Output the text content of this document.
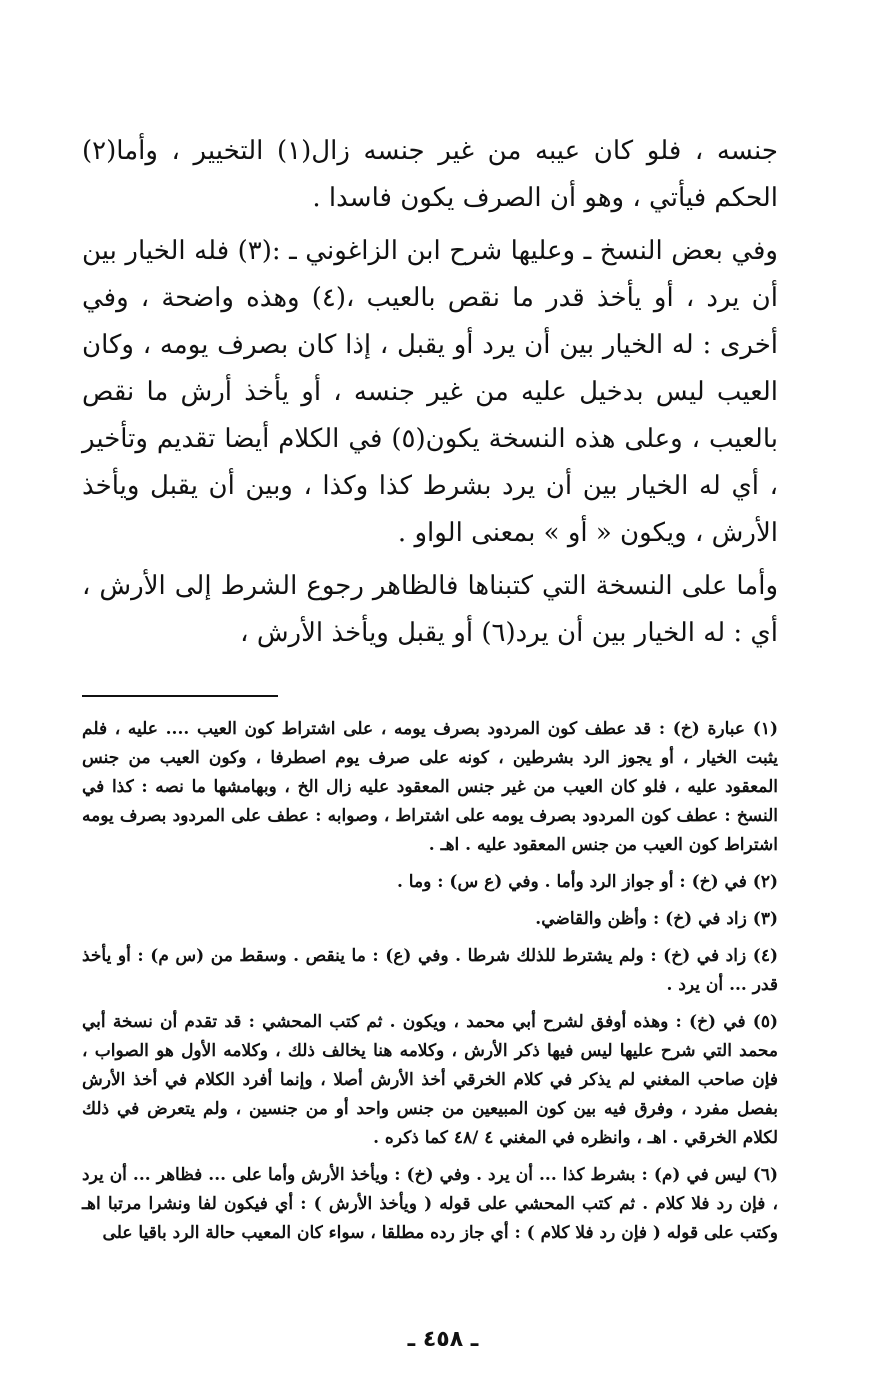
جنسه ، فلو كان عيبه من غير جنسه زال(١) التخيير ، وأما(٢) الحكم فيأتي ، وهو أن الصرف يكون فاسدا .

وفي بعض النسخ ـ وعليها شرح ابن الزاغوني ـ :(٣) فله الخيار بين أن يرد ، أو يأخذ قدر ما نقص بالعيب ،(٤) وهذه واضحة ، وفي أخرى : له الخيار بين أن يرد أو يقبل ، إذا كان بصرف يومه ، وكان العيب ليس بدخيل عليه من غير جنسه ، أو يأخذ أرش ما نقص بالعيب ، وعلى هذه النسخة يكون(٥) في الكلام أيضا تقديم وتأخير ، أي له الخيار بين أن يرد بشرط كذا وكذا ، وبين أن يقبل ويأخذ الأرش ، ويكون « أو » بمعنى الواو .

وأما على النسخة التي كتبناها فالظاهر رجوع الشرط إلى الأرش ، أي : له الخيار بين أن يرد(٦) أو يقبل ويأخذ الأرش ،

(١) عبارة (خ) : قد عطف كون المردود بصرف يومه ، على اشتراط كون العيب .... عليه ، فلم يثبت الخيار ، أو يجوز الرد بشرطين ، كونه على صرف يوم اصطرفا ، وكون العيب من جنس المعقود عليه ، فلو كان العيب من غير جنس المعقود عليه زال الخ ، وبهامشها ما نصه : كذا في النسخ : عطف كون المردود بصرف يومه على اشتراط ، وصوابه : عطف على المردود بصرف يومه اشتراط كون العيب من جنس المعقود عليه . اهـ .

(٢) في (خ) : أو جواز الرد وأما . وفي (ع س) : وما .

(٣) زاد في (خ) : وأظن والقاضي.

(٤) زاد في (خ) : ولم يشترط للذلك شرطا . وفي (ع) : ما ينقص . وسقط من (س م) : أو يأخذ قدر ... أن يرد .

(٥) في (خ) : وهذه أوفق لشرح أبي محمد ، ويكون . ثم كتب المحشي : قد تقدم أن نسخة أبي محمد التي شرح عليها ليس فيها ذكر الأرش ، وكلامه هنا يخالف ذلك ، وكلامه الأول هو الصواب ، فإن صاحب المغني لم يذكر في كلام الخرقي أخذ الأرش أصلا ، وإنما أفرد الكلام في أخذ الأرش بفصل مفرد ، وفرق فيه بين كون المبيعين من جنس واحد أو من جنسين ، ولم يتعرض في ذلك لكلام الخرقي . اهـ ، وانظره في المغني ٤ /٤٨ كما ذكره .

(٦) ليس في (م) : بشرط كذا ... أن يرد . وفي (خ) : ويأخذ الأرش وأما على ... فظاهر ... أن يرد ، فإن رد فلا كلام . ثم كتب المحشي على قوله ( ويأخذ الأرش ) : أي فيكون لفا ونشرا مرتبا اهـ وكتب على قوله ( فإن رد فلا كلام ) : أي جاز رده مطلقا ، سواء كان المعيب حالة الرد باقيا على

ـ ٤٥٨ ـ
